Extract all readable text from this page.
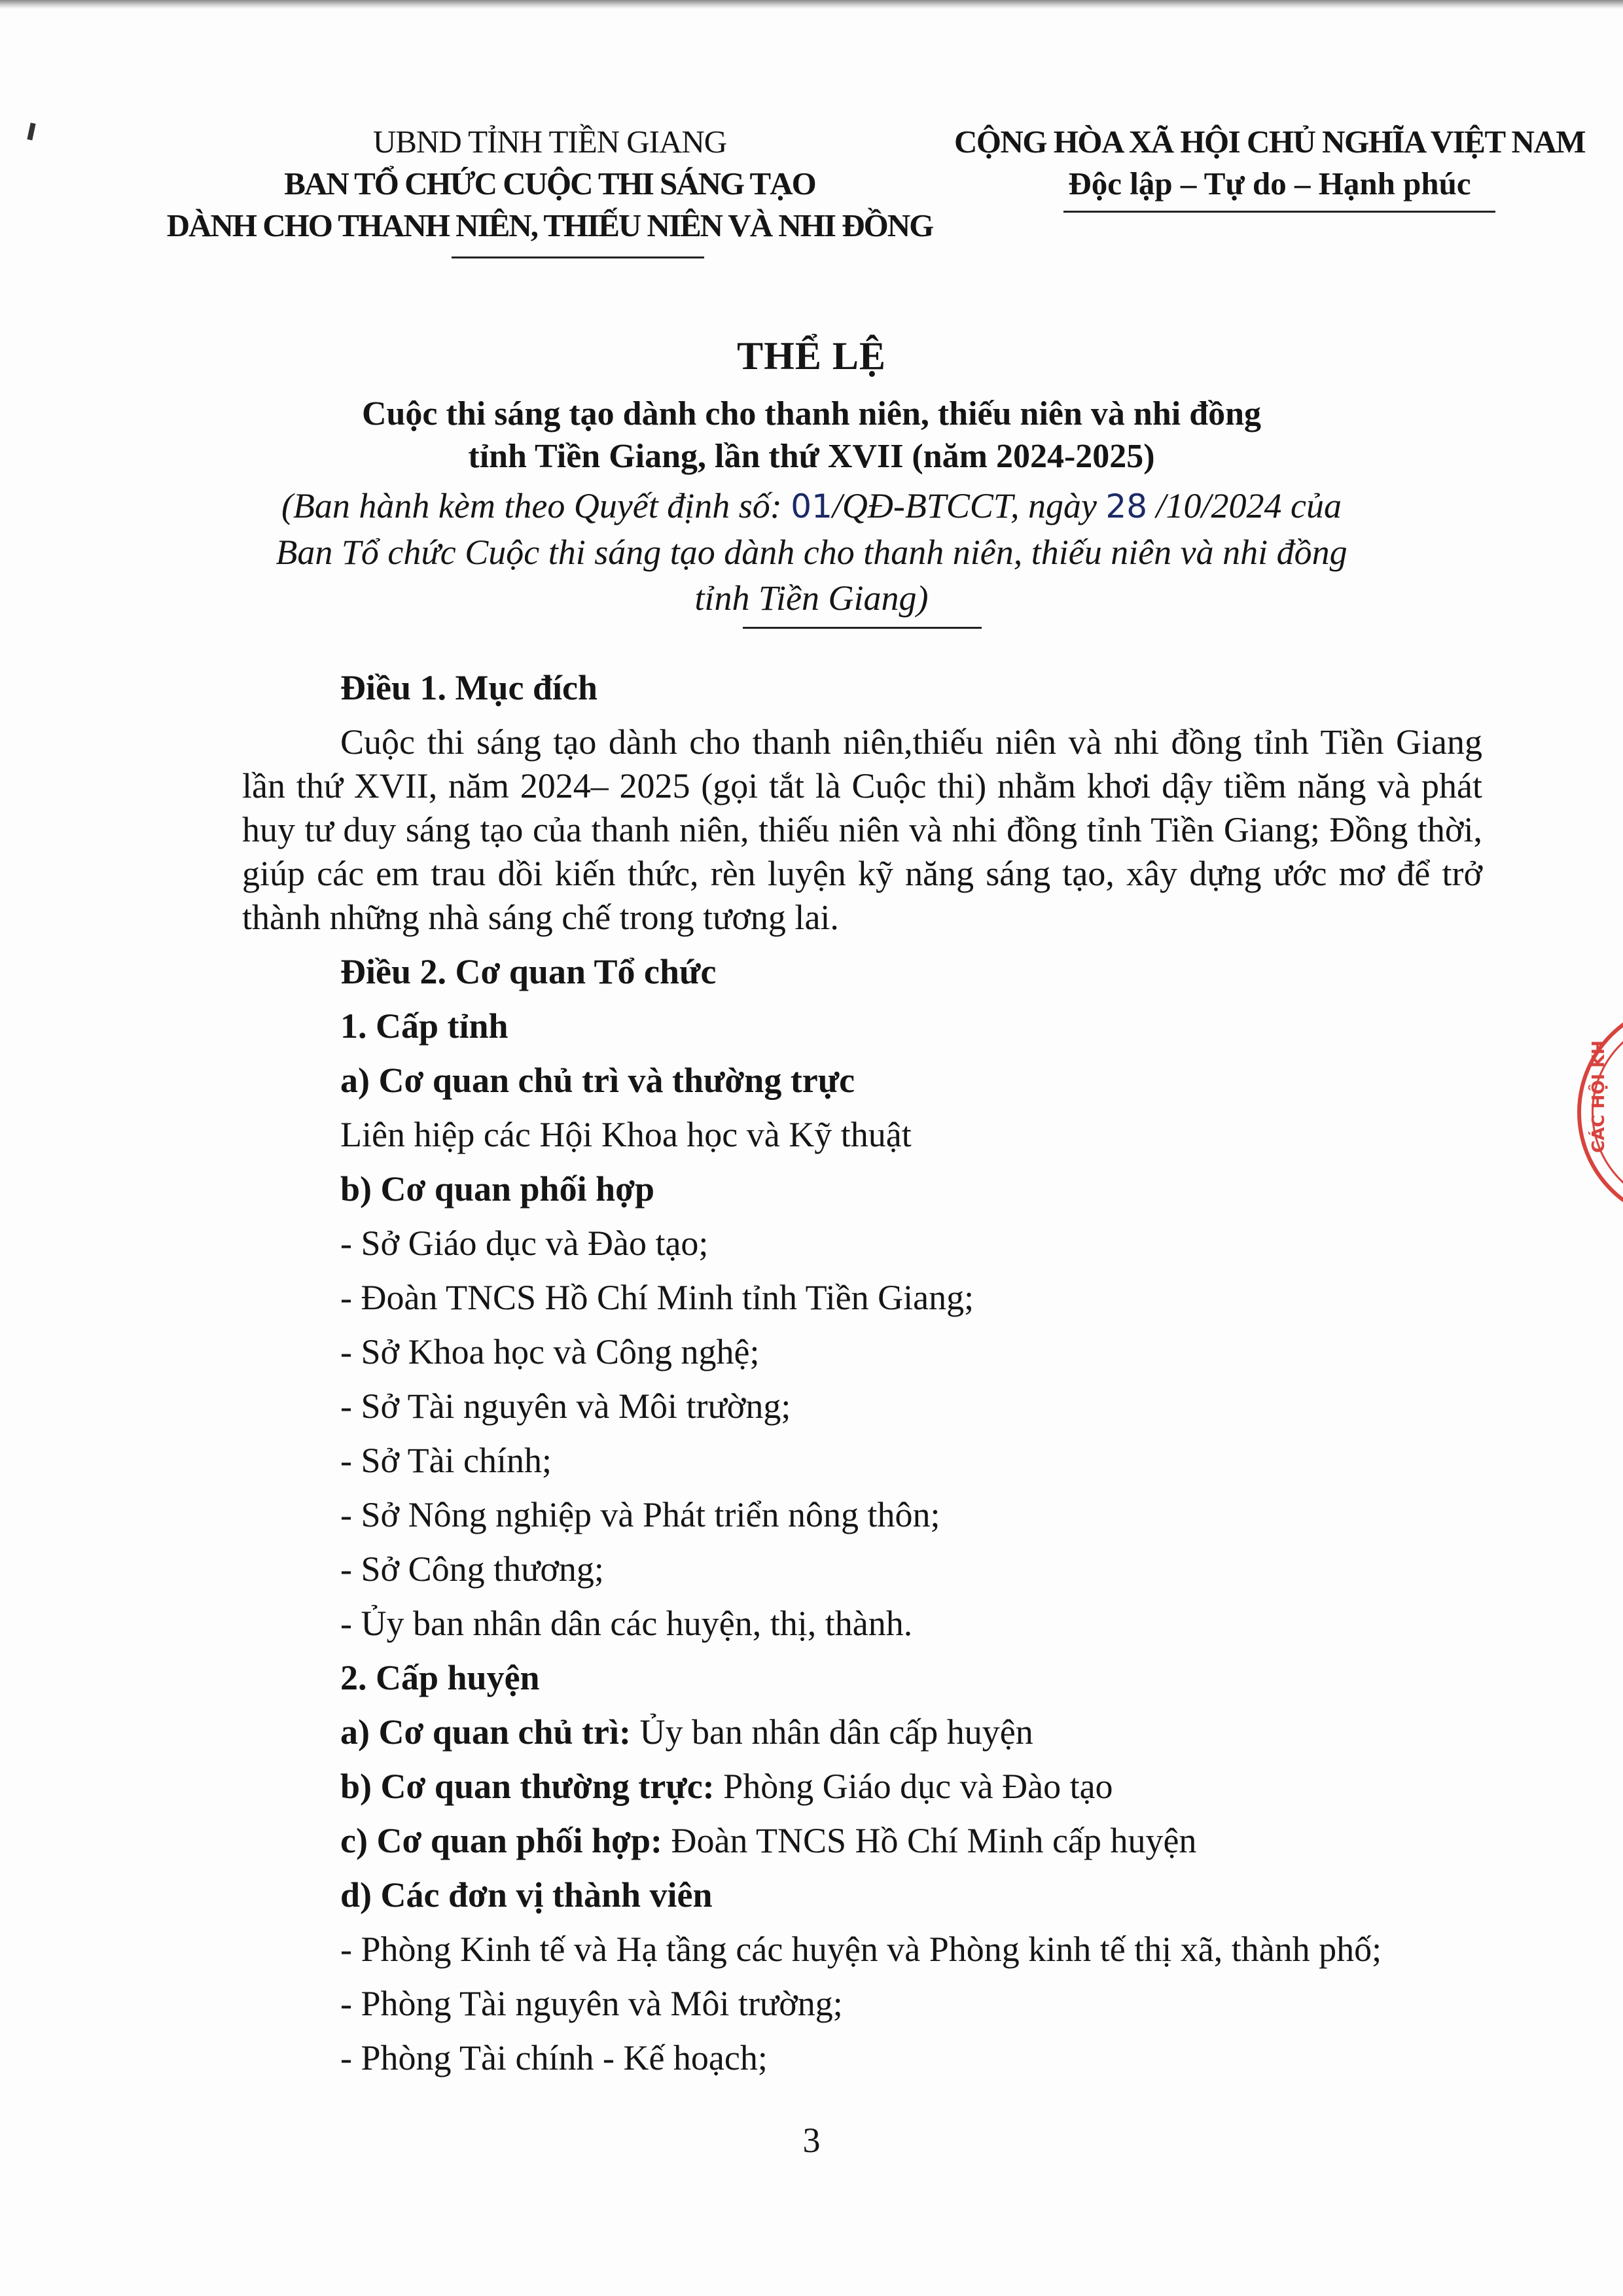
UBND TỈNH TIỀN GIANG
BAN TỔ CHỨC CUỘC THI SÁNG TẠO
DÀNH CHO THANH NIÊN, THIẾU NIÊN VÀ NHI ĐỒNG
CỘNG HÒA XÃ HỘI CHỦ NGHĨA VIỆT NAM
Độc lập – Tự do – Hạnh phúc
THỂ LỆ
Cuộc thi sáng tạo dành cho thanh niên, thiếu niên và nhi đồng
tỉnh Tiền Giang, lần thứ XVII (năm 2024-2025)
(Ban hành kèm theo Quyết định số: 01/QĐ-BTCCT, ngày 28 /10/2024 của
Ban Tổ chức Cuộc thi sáng tạo dành cho thanh niên, thiếu niên và nhi đồng
tỉnh Tiền Giang)

Điều 1. Mục đích

Cuộc thi sáng tạo dành cho thanh niên,thiếu niên và nhi đồng tỉnh Tiền Giang lần thứ XVII, năm 2024– 2025 (gọi tắt là Cuộc thi) nhằm khơi dậy tiềm năng và phát huy tư duy sáng tạo của thanh niên, thiếu niên và nhi đồng tỉnh Tiền Giang; Đồng thời, giúp các em trau dồi kiến thức, rèn luyện kỹ năng sáng tạo, xây dựng ước mơ để trở thành những nhà sáng chế trong tương lai.

Điều 2. Cơ quan Tổ chức

1. Cấp tỉnh

a) Cơ quan chủ trì và thường trực

Liên hiệp các Hội Khoa học và Kỹ thuật

b) Cơ quan phối hợp

- Sở Giáo dục và Đào tạo;

- Đoàn TNCS Hồ Chí Minh tỉnh Tiền Giang;

- Sở Khoa học và Công nghệ;

- Sở Tài nguyên và Môi trường;

- Sở Tài chính;

- Sở Nông nghiệp và Phát triển nông thôn;

- Sở Công thương;

- Ủy ban nhân dân các huyện, thị, thành.

2. Cấp huyện

a) Cơ quan chủ trì: Ủy ban nhân dân cấp huyện

b) Cơ quan thường trực: Phòng Giáo dục và Đào tạo

c) Cơ quan phối hợp: Đoàn TNCS Hồ Chí Minh cấp huyện

d) Các đơn vị thành viên

- Phòng Kinh tế và Hạ tầng các huyện và Phòng kinh tế thị xã, thành phố;

- Phòng Tài nguyên và Môi trường;

- Phòng Tài chính - Kế hoạch;

3
CÁC HỘI KH
